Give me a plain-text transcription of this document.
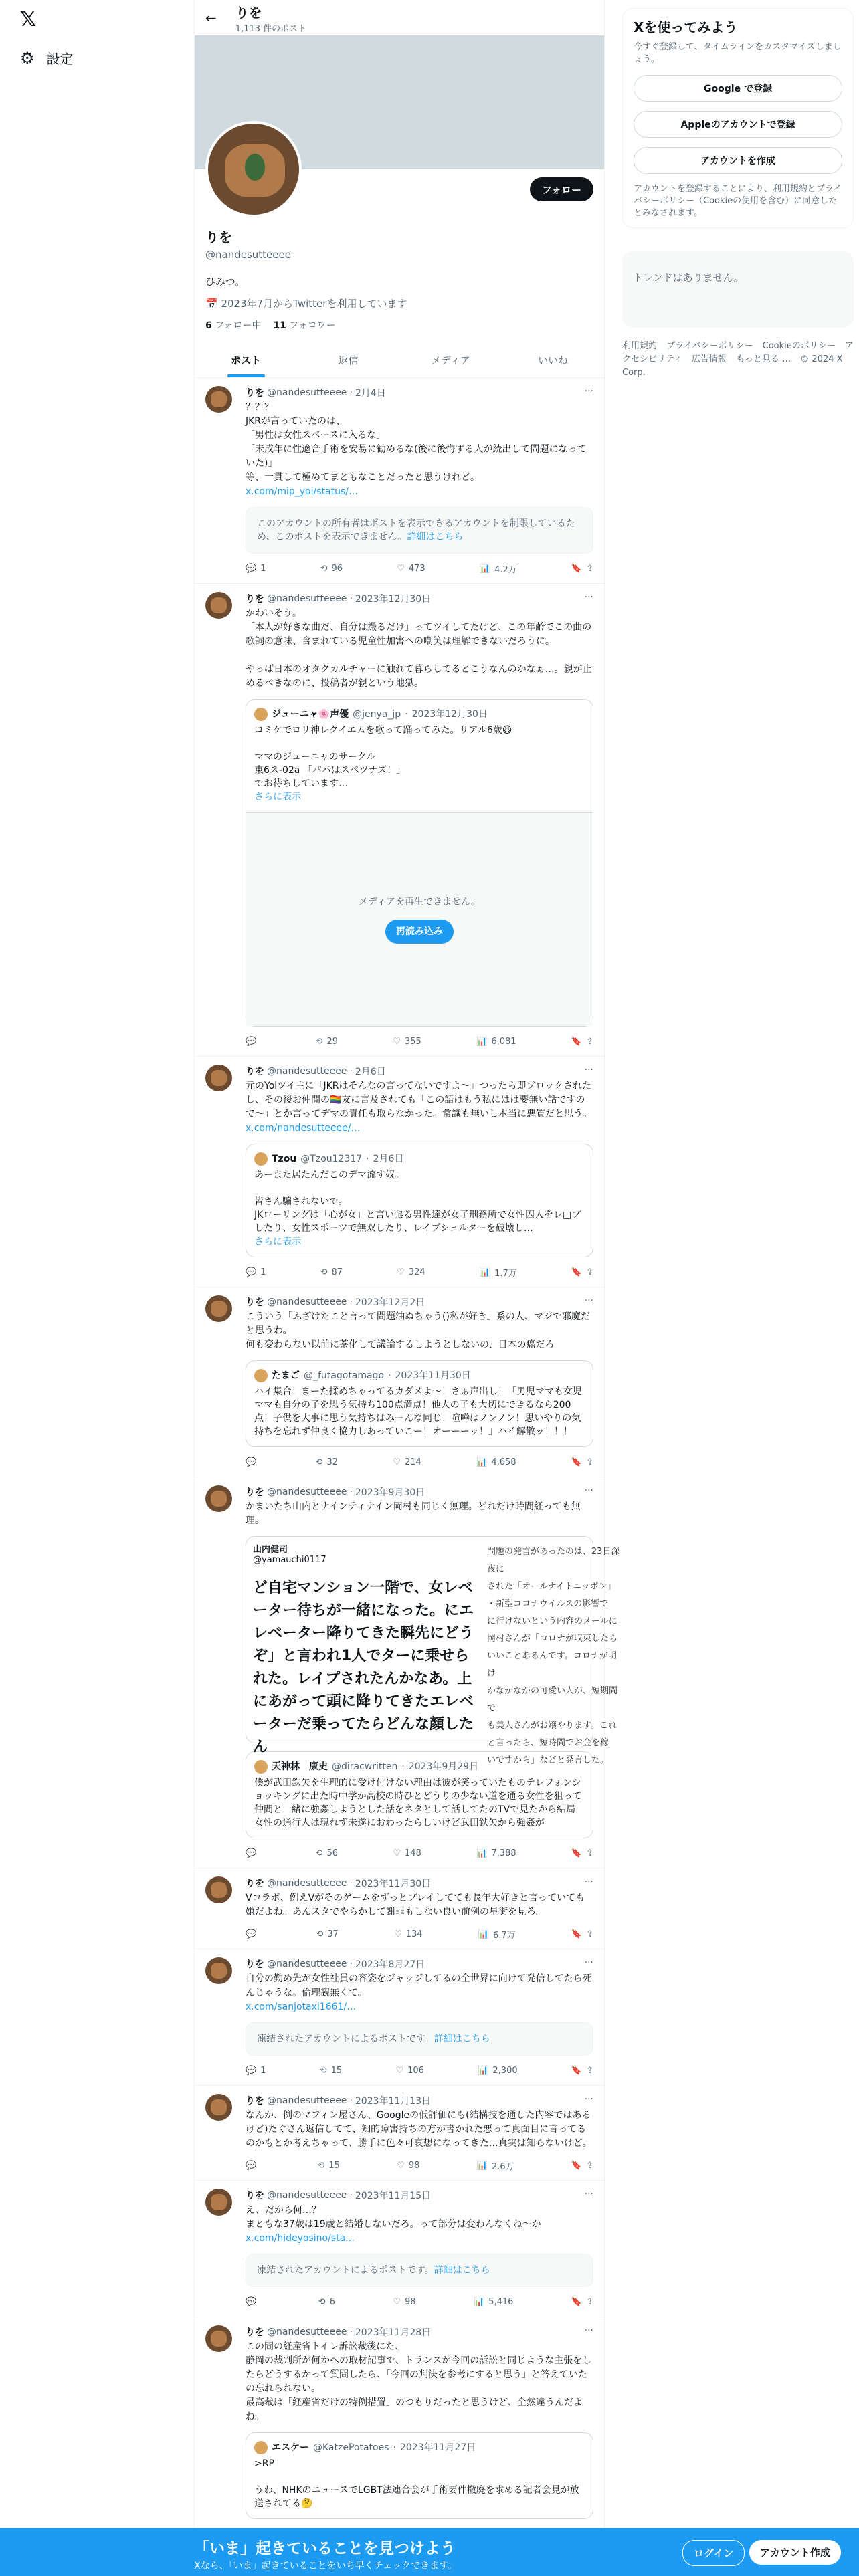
𝕏
⚙ 設定
← りを
1,113 件のポスト
フォロー
りを
@nandesutteeee
ひみつ。
📅 2023年7月からTwitterを利用しています
6 フォロー中 11 フォロワー
ポスト	返信	メディア	いいね
···
りを @nandesutteeee · 2月4日
？？？
JKRが言っていたのは、
「男性は女性スペースに入るな」
「未成年に性適合手術を安易に勧めるな(後に後悔する人が続出して問題になっていた)」
等、一貫して極めてまともなことだったと思うけれど。
x.com/mip_yoi/status/…
このアカウントの所有者はポストを表示できるアカウントを制限しているため、このポストを表示できません。詳細はこちら
💬 1	⟲ 96	♡ 473	📊 4.2万	🔖 ⇪
···
りを @nandesutteeee · 2023年12月30日
かわいそう。
「本人が好きな曲だ、自分は撮るだけ」ってツイしてたけど、この年齢でこの曲の歌詞の意味、含まれている児童性加害への嘲笑は理解できないだろうに。

やっぱ日本のオタクカルチャーに触れて暮らしてるとこうなんのかなぁ…。親が止めるべきなのに、投稿者が親という地獄。
ジューニャ🌸声優 @jenya_jp · 2023年12月30日
コミケでロリ神レクイエムを歌って踊ってみた。リアル6歳😆

ママのジューニャのサークル
東6ス-02a 「パパはスペツナズ！」
でお待ちしています…
さらに表示
メディアを再生できません。
再読み込み
💬	⟲ 29	♡ 355	📊 6,081	🔖 ⇪
···
りを @nandesutteeee · 2月6日
元のYolツイ主に「JKRはそんなの言ってないですよ〜」つったら即ブロックされたし、その後お仲間の🏳️‍🌈友に言及されても「この語はもう私にはは要無い話ですので〜」とか言ってデマの責任も取らなかった。常識も無いし本当に悪質だと思う。
x.com/nandesutteeee/…
Tzou @Tzou12317 · 2月6日
あーまた居たんだこのデマ流す奴。

皆さん騙されないで。
JKローリングは「心が女」と言い張る男性達が女子刑務所で女性囚人をレ□プしたり、女性スポーツで無双したり、レイプシェルターを破壊し…
さらに表示
💬 1	⟲ 87	♡ 324	📊 1.7万	🔖 ⇪
···
りを @nandesutteeee · 2023年12月2日
こういう「ふざけたこと言って問題油ぬちゃう()私が好き」系の人、マジで邪魔だと思うわ。
何も変わらない以前に茶化して議論するしようとしないの、日本の癌だろ
たまご @_futagotamago · 2023年11月30日
ハイ集合！まーた揉めちゃってるカダメよ〜！さぁ声出し！「男児ママも女児ママも自分の子を思う気持ち100点満点！他人の子も大切にできるなら200点！子供を大事に思う気持ちはみーんな同じ！喧嘩はノンノン！思いやりの気持ちを忘れず仲良く協力しあっていこー！オーーーッ！」ハイ解散ッ！！！
💬	⟲ 32	♡ 214	📊 4,658	🔖 ⇪
···
りを @nandesutteeee · 2023年9月30日
かまいたち山内とナインティナイン岡村も同じく無理。どれだけ時間経っても無理。
山内健司
@yamauchi0117
ど自宅マンション一階で、女レベーター待ちが一緒になった。にエレベーター降りてきた瞬先にどうぞ」と言われ1人でターに乗せられた。レイプされたんかなあ。上にあがって頭に降りてきたエレベーターだ乗ってたらどんな顔したん
問題の発言があったのは、23日深夜に
された「オールナイトニッポン」
・新型コロナウイルスの影響で
に行けないという内容のメールに
岡村さんが「コロナが収束したら
いいことあるんです。コロナが明け
かなかなかの可愛い人が、短期間で
も美人さんがお嬢やります。これ
と言ったら、短時間でお金を稼
いですから」などと発言した。
天神林　康史 @diracwritten · 2023年9月29日
僕が武田鉄矢を生理的に受け付けない理由は彼が笑っていたものテレフォンショッキングに出た時中学か高校の時ひとどうりの少ない道を通る女性を狙って仲間と一緒に強姦しようとした話をネタとして話してたのTVで見たから結局女性の通行人は現れず未遂におわったらしいけど武田鉄矢から強姦が
💬	⟲ 56	♡ 148	📊 7,388	🔖 ⇪
···
りを @nandesutteeee · 2023年11月30日
Vコラボ、例えVがそのゲームをずっとプレイしてても長年大好きと言っていても嫌だよね。あんスタでやらかして謝罪もしない良い前例の星街を見ろ。
💬	⟲ 37	♡ 134	📊 6.7万	🔖 ⇪
···
りを @nandesutteeee · 2023年8月27日
自分の勤め先が女性社員の容姿をジャッジしてるの全世界に向けて発信してたら死んじゃうな。倫理観無くて。
x.com/sanjotaxi1661/…
凍結されたアカウントによるポストです。詳細はこちら
💬 1	⟲ 15	♡ 106	📊 2,300	🔖 ⇪
···
りを @nandesutteeee · 2023年11月13日
なんか、例のマフィン屋さん、Googleの低評価にも(結構技を通した内容ではあるけど)たぐさん返信してて、知的障害持ちの方が書かれた悪って真面目に言ってるのかもとか考えちゃって、勝手に色々可哀想になってきた…真実は知らないけど。
💬	⟲ 15	♡ 98	📊 2.6万	🔖 ⇪
···
りを @nandesutteeee · 2023年11月15日
え、だから何…？
まともな37歳は19歳と結婚しないだろ。って部分は変わんなくね〜か
x.com/hideyosino/sta…
凍結されたアカウントによるポストです。詳細はこちら
💬	⟲ 6	♡ 98	📊 5,416	🔖 ⇪
···
りを @nandesutteeee · 2023年11月28日
この間の経産省トイレ訴訟裁後にた、
静岡の裁判所が何かへの取材記事で、トランスが今回の訴訟と同じような主張をしたらどうするかって質問したら、「今回の判決を参考にすると思う」と答えていたの忘れられない。
最高裁は「経産省だけの特例措置」のつもりだったと思うけど、全然違うんだよね。
エスケー @KatzePotatoes · 2023年11月27日
>RP

うわ、NHKのニュースでLGBT法連合会が手術要件撤廃を求める記者会見が放送されてる🤔
Xを使ってみよう
今すぐ登録して、タイムラインをカスタマイズしましょう。
Google で登録
Appleのアカウントで登録
アカウントを作成
アカウントを登録することにより、利用規約とプライバシーポリシー（Cookieの使用を含む）に同意したとみなされます。
トレンドはありません。
利用規約 プライバシーポリシー Cookieのポリシー アクセシビリティ 広告情報 もっと見る … © 2024 X Corp.
「いま」起きていることを見つけよう
Xなら、「いま」起きていることをいち早くチェックできます。
ログイン	アカウント作成
